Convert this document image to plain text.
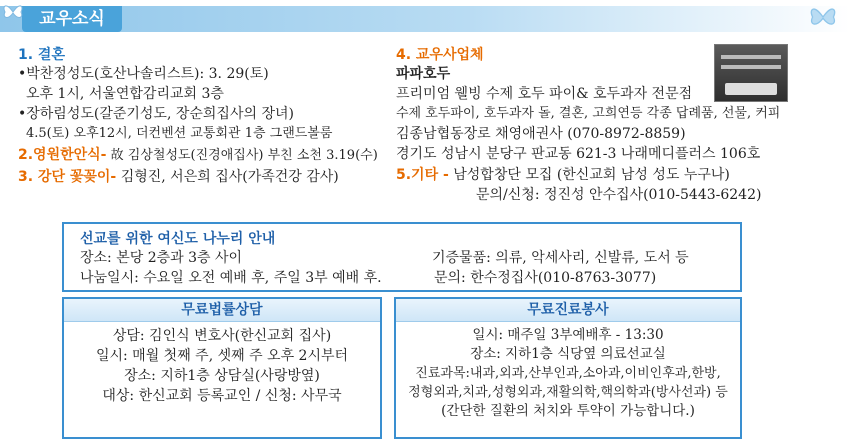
교우소식
1. 결혼
•박찬정성도(호산나솔리스트): 3. 29(토)
오후 1시, 서울연합감리교회 3층
•장하림성도(갈준기성도, 장순희집사의 장녀)
4.5(토) 오후12시, 더컨벤션 교통회관 1층 그랜드볼룸
2.영원한안식- 故 김상철성도(진경애집사) 부친 소천 3.19(수)
3. 강단 꽃꽂이- 김형진, 서은희 집사(가족건강 감사)
4. 교우사업체
파파호두
프리미엄 웰빙 수제 호두 파이& 호두과자 전문점
수제 호두파이, 호두과자 돌, 결혼, 고희연등 각종 답례품, 선물, 커피
김종남협동장로 채영애권사 (070-8972-8859)
경기도 성남시 분당구 판교동 621-3 나래메디플러스 106호
5.기타 - 남성합창단 모집 (한신교회 남성 성도 누구나)
문의/신청: 정진성 안수집사(010-5443-6242)
선교를 위한 여신도 나누리 안내
장소: 본당 2층과 3층 사이	기증물품: 의류, 악세사리, 신발류, 도서 등
나눔일시: 수요일 오전 예배 후, 주일 3부 예배 후.	문의: 한수정집사(010-8763-3077)
무료법률상담
상담: 김인식 변호사(한신교회 집사)
일시: 매월 첫째 주, 셋째 주 오후 2시부터
장소: 지하1층 상담실(사랑방옆)
대상: 한신교회 등록교인 / 신청: 사무국
무료진료봉사
일시: 매주일 3부예배후 - 13:30
장소: 지하1층 식당옆 의료선교실
진료과목:내과,외과,산부인과,소아과,이비인후과,한방,
정형외과,치과,성형외과,재활의학,핵의학과(방사선과) 등
(간단한 질환의 처치와 투약이 가능합니다.)
